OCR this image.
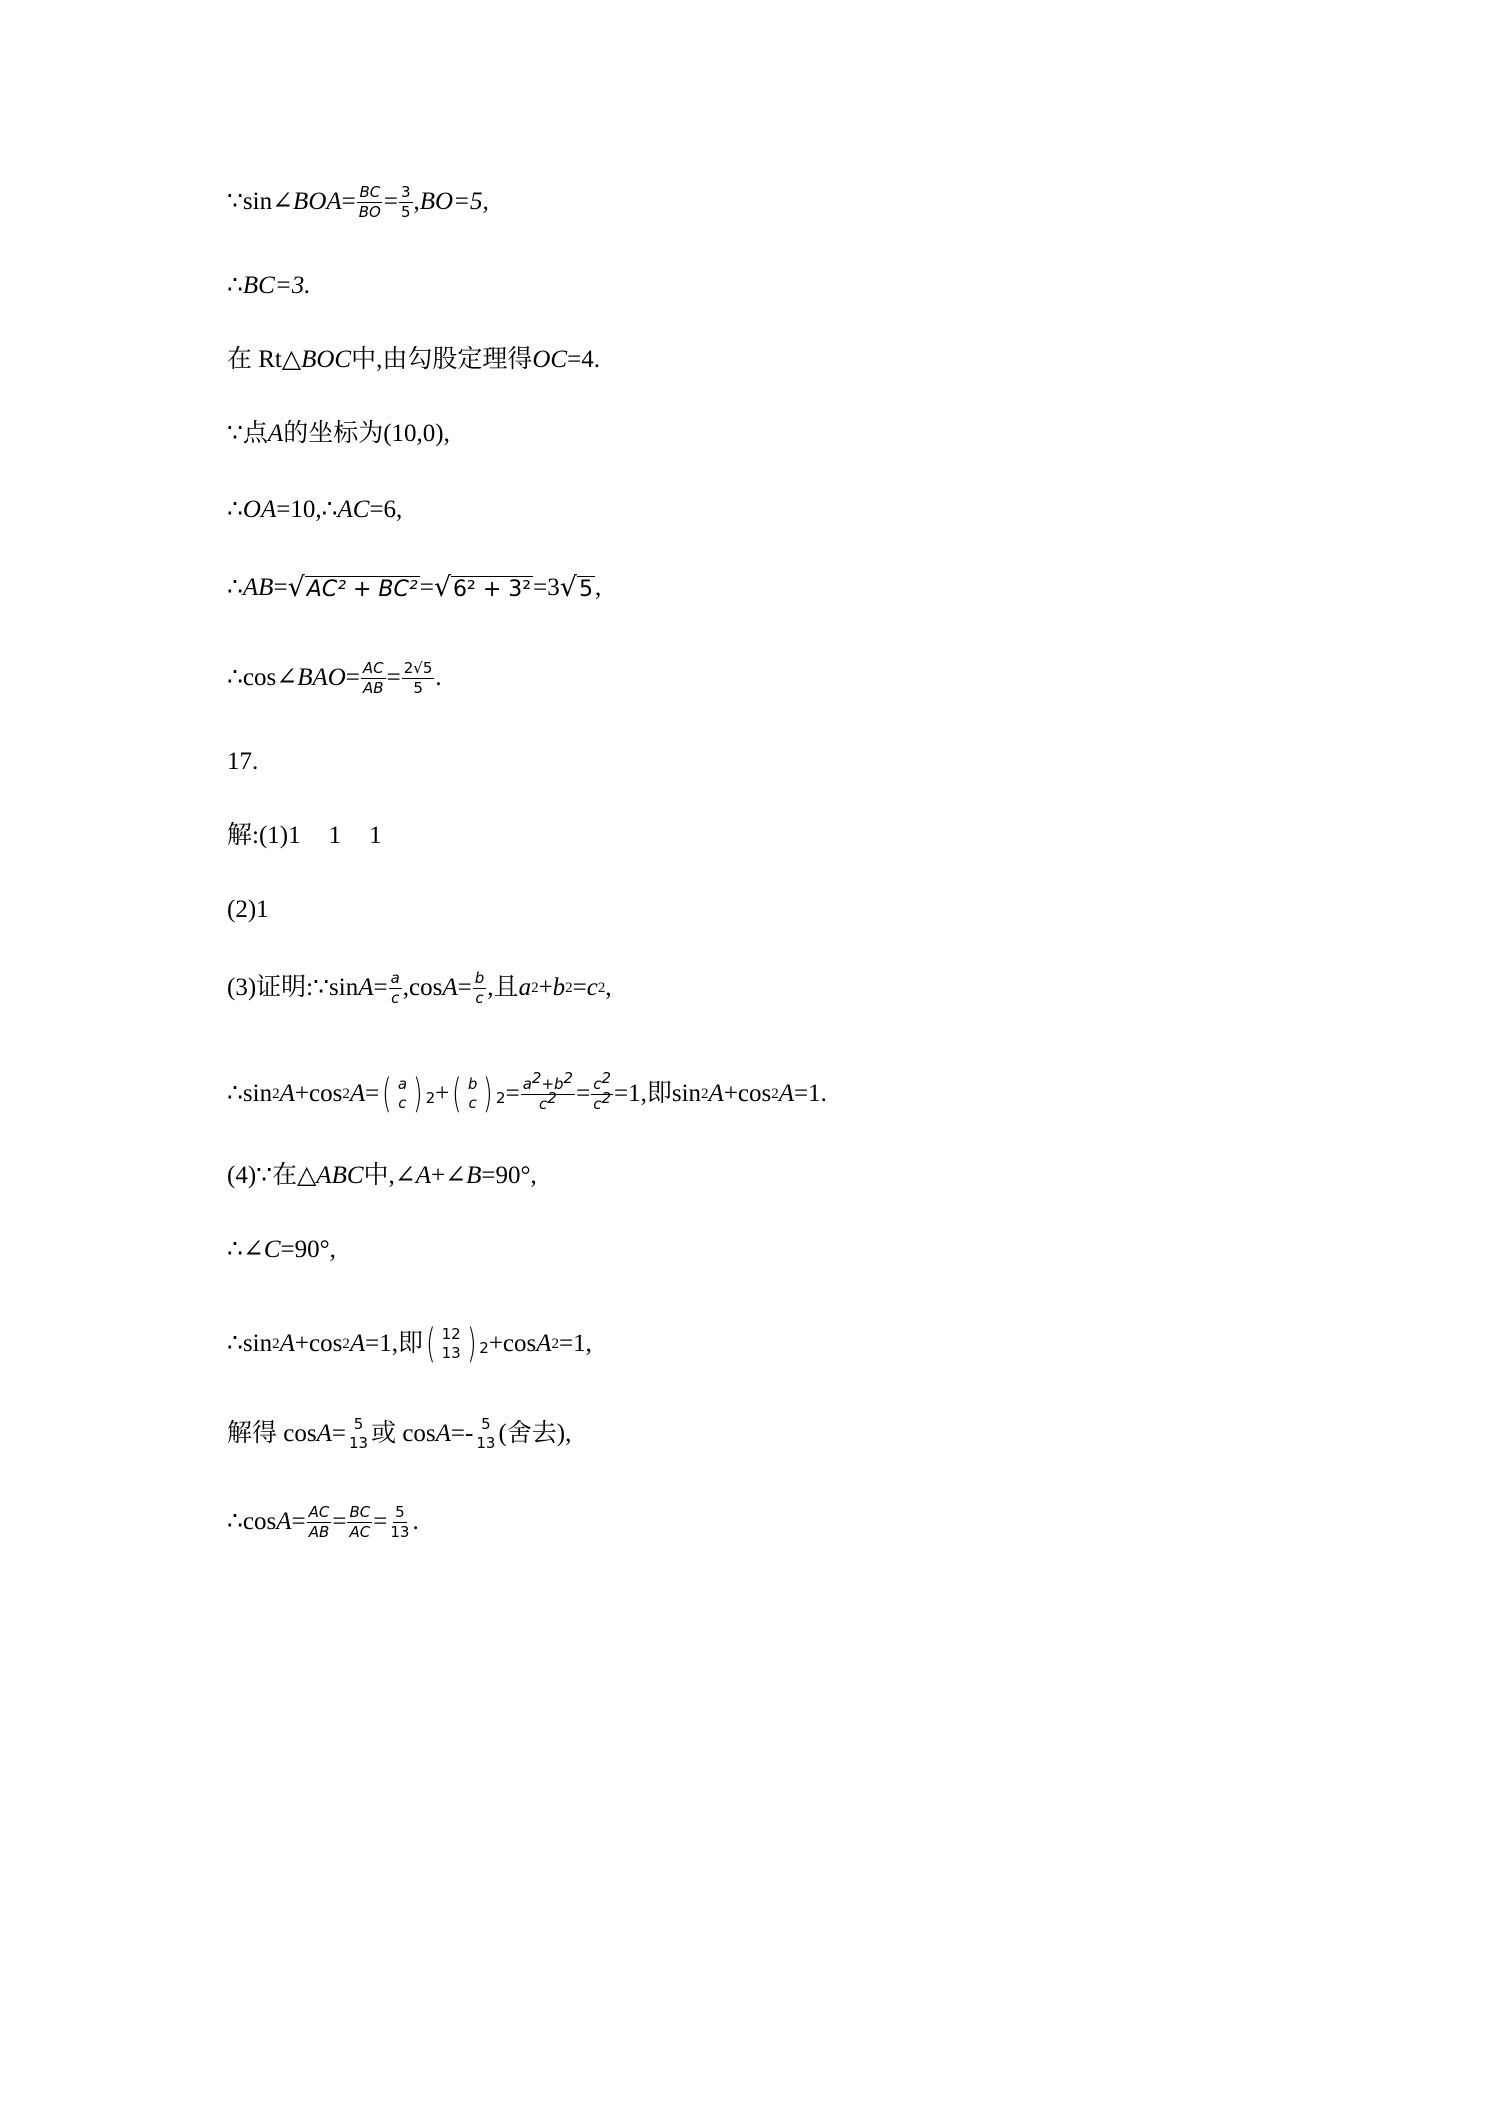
∵ sin ∠ BOA = $\frac{BC}{BO} = \frac{3}{5}$ , BO=5,
∴ BC=3.
在 Rt△ BOC 中,由勾股定理得 OC =4.
∵ 点 A 的坐标为(10,0),
∴ OA =10, ∴ AC =6,
∴ AB = √ AC² + BC² = √ 6² + 3² =3 √ 5 ,
∴ cos ∠ BAO = $\frac{AC}{AB} = \frac{2√5}{5}$ .
17.
解:(1)1 1 1
(2)1
(3)证明: ∵ $\sin A = \frac{a}{c}$ , $\cos A = \frac{b}{c}$ , 且 a 2 + b 2 = c 2 ,
∴ sin 2 A + cos 2 A = ( a
c ) 2 + ( b
c ) $2 = \frac{a^2+b^2}{c^2} = \frac{c^2}{c^2} =1$,即 sin 2 A + cos 2 A = 1 .
(4) ∵ 在△ ABC 中, ∠ A + ∠ B =90°,
∴ ∠ C =90°,
∴ sin 2 A + cos 2 A =1,即 ( 12
13 ) 2 + cos A 2 =1,
解得 cos A = 5
13 或 cos A =- 5
13 (舍去),
∴ $\cos A = \frac{AC}{AB} = \frac{BC}{AC} = \frac{5}{13}$ .
